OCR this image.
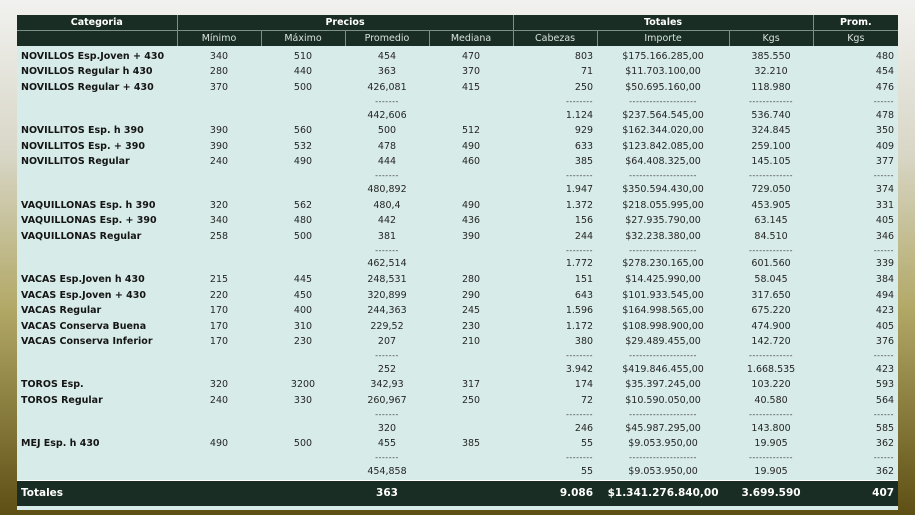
Categoria	Precios				Totales			Prom.
	Mínimo	Máximo	Promedio	Mediana	Cabezas	Importe	Kgs	Kgs

NOVILLOS Esp.Joven + 430	340	510	454	470	803	$175.166.285,00	385.550	480
NOVILLOS Regular h 430	280	440	363	370	71	$11.703.100,00	32.210	454
NOVILLOS Regular + 430	370	500	426,081	415	250	$50.695.160,00	118.980	476
			-------		--------	--------------------	-------------	------
			442,606		1.124	$237.564.545,00	536.740	478
NOVILLITOS Esp. h 390	390	560	500	512	929	$162.344.020,00	324.845	350
NOVILLITOS Esp. + 390	390	532	478	490	633	$123.842.085,00	259.100	409
NOVILLITOS Regular	240	490	444	460	385	$64.408.325,00	145.105	377
			-------		--------	--------------------	-------------	------
			480,892		1.947	$350.594.430,00	729.050	374
VAQUILLONAS Esp. h 390	320	562	480,4	490	1.372	$218.055.995,00	453.905	331
VAQUILLONAS Esp. + 390	340	480	442	436	156	$27.935.790,00	63.145	405
VAQUILLONAS Regular	258	500	381	390	244	$32.238.380,00	84.510	346
			-------		--------	--------------------	-------------	------
			462,514		1.772	$278.230.165,00	601.560	339
VACAS Esp.Joven h 430	215	445	248,531	280	151	$14.425.990,00	58.045	384
VACAS Esp.Joven + 430	220	450	320,899	290	643	$101.933.545,00	317.650	494
VACAS Regular	170	400	244,363	245	1.596	$164.998.565,00	675.220	423
VACAS Conserva Buena	170	310	229,52	230	1.172	$108.998.900,00	474.900	405
VACAS Conserva Inferior	170	230	207	210	380	$29.489.455,00	142.720	376
			-------		--------	--------------------	-------------	------
			252		3.942	$419.846.455,00	1.668.535	423
TOROS Esp.	320	3200	342,93	317	174	$35.397.245,00	103.220	593
TOROS Regular	240	330	260,967	250	72	$10.590.050,00	40.580	564
			-------		--------	--------------------	-------------	------
			320		246	$45.987.295,00	143.800	585
MEJ Esp. h 430	490	500	455	385	55	$9.053.950,00	19.905	362
			-------		--------	--------------------	-------------	------
			454,858		55	$9.053.950,00	19.905	362
Totales			363		9.086	$1.341.276.840,00	3.699.590	407
